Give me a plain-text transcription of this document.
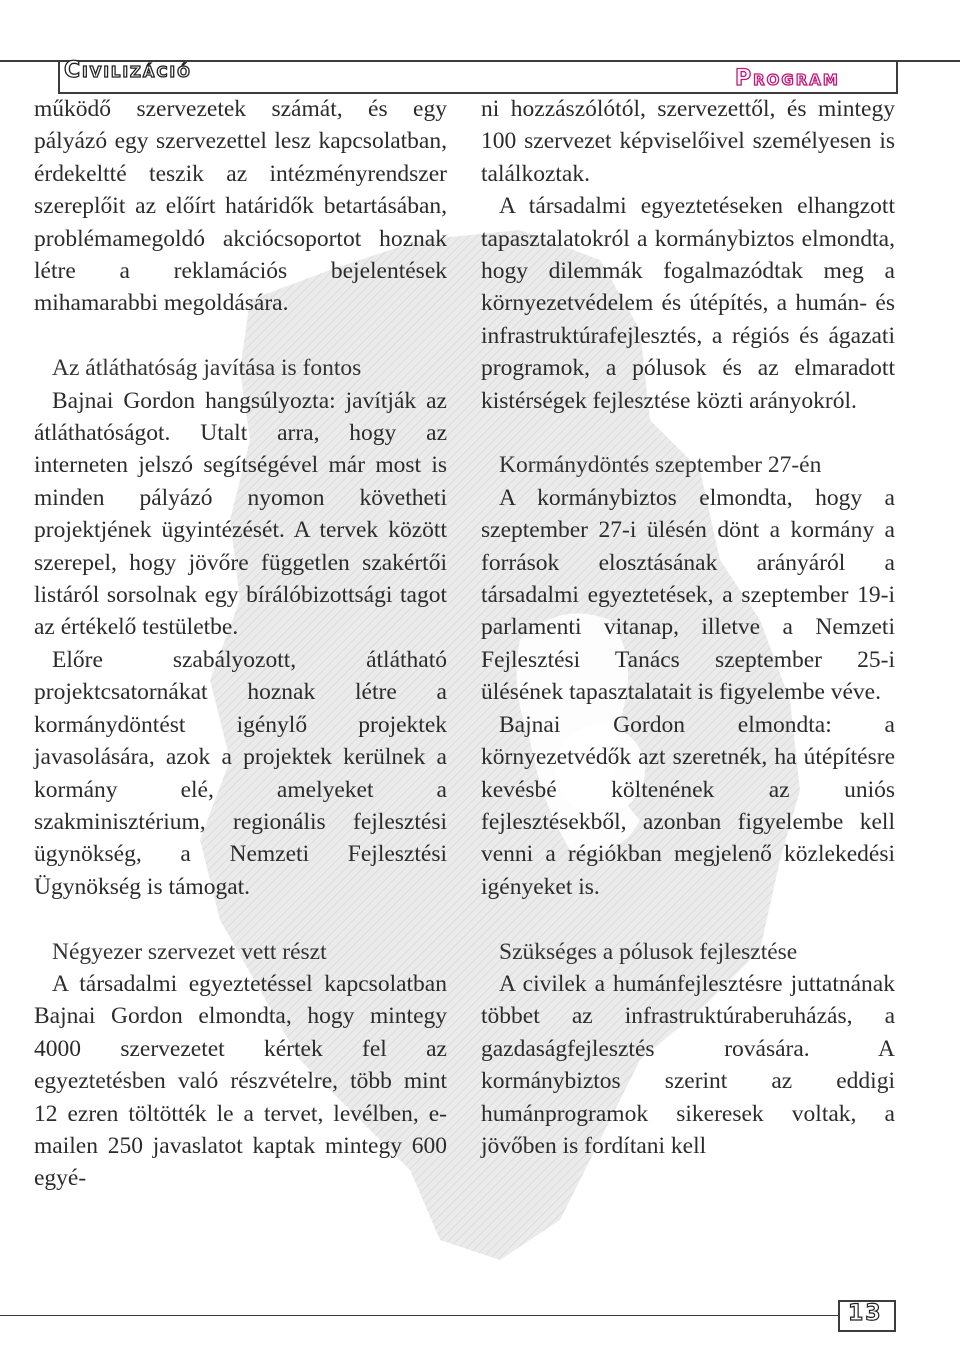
Civilizáció	Program

működő szervezetek számát, és egy pályázó egy szervezettel lesz kapcsolatban, érdekeltté teszik az intézményrendszer szereplőit az előírt határidők betartásában, problémamegoldó akciócsoportot hoznak létre a reklamációs bejelentések mihamarabbi megoldására.

Az átláthatóság javítása is fontos

Bajnai Gordon hangsúlyozta: javítják az átláthatóságot. Utalt arra, hogy az interneten jelszó segítségével már most is minden pályázó nyomon követheti projektjének ügyintézését. A tervek között szerepel, hogy jövőre független szakértői listáról sorsolnak egy bírálóbizottsági tagot az értékelő testületbe.

Előre szabályozott, átlátható projektcsatornákat hoznak létre a kormánydöntést igénylő projektek javasolására, azok a projektek kerülnek a kormány elé, amelyeket a szakminisztérium, regionális fejlesztési ügynökség, a Nemzeti Fejlesztési Ügynökség is támogat.

Négyezer szervezet vett részt

A társadalmi egyeztetéssel kapcsolatban Bajnai Gordon elmondta, hogy mintegy 4000 szervezetet kértek fel az egyeztetésben való részvételre, több mint 12 ezren töltötték le a tervet, levélben, e-mailen 250 javaslatot kaptak mintegy 600 egyé-

ni hozzászólótól, szervezettől, és mintegy 100 szervezet képviselőivel személyesen is találkoztak.

A társadalmi egyeztetéseken elhangzott tapasztalatokról a kormánybiztos elmondta, hogy dilemmák fogalmazódtak meg a környezetvédelem és útépítés, a humán- és infrastruktúrafejlesztés, a régiós és ágazati programok, a pólusok és az elmaradott kistérségek fejlesztése közti arányokról.

Kormánydöntés szeptember 27-én

A kormánybiztos elmondta, hogy a szeptember 27-i ülésén dönt a kormány a források elosztásának arányáról a társadalmi egyeztetések, a szeptember 19-i parlamenti vitanap, illetve a Nemzeti Fejlesztési Tanács szeptember 25-i ülésének tapasztalatait is figyelembe véve.

Bajnai Gordon elmondta: a környezetvédők azt szeretnék, ha útépítésre kevésbé költenének az uniós fejlesztésekből, azonban figyelembe kell venni a régiókban megjelenő közlekedési igényeket is.

Szükséges a pólusok fejlesztése

A civilek a humánfejlesztésre juttatnának többet az infrastruktúraberuházás, a gazdaságfejlesztés rovására. A kormánybiztos szerint az eddigi humánprogramok sikeresek voltak, a jövőben is fordítani kell

13
